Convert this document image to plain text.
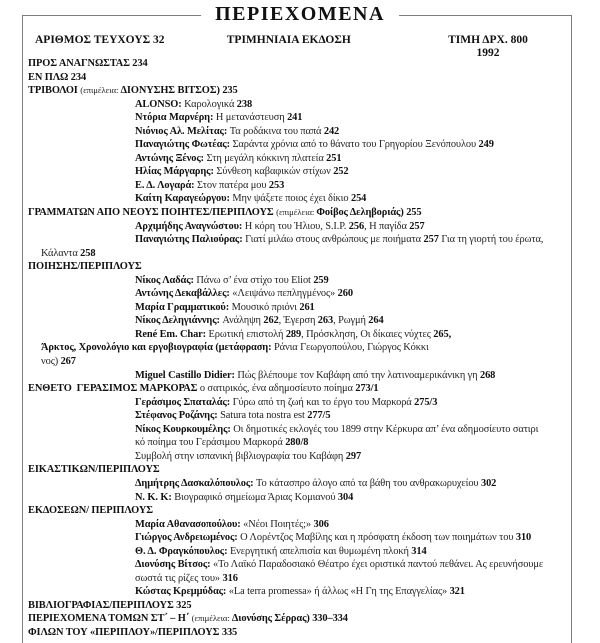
ΠΕΡΙΕΧΟΜΕΝΑ
ΑΡΙΘΜΟΣ ΤΕΥΧΟΥΣ 32	ΤΡΙΜΗΝΙΑΙΑ ΕΚΔΟΣΗ	ΤΙΜΗ ΔΡΧ. 800
1992
ΠΡΟΣ ΑΝΑΓΝΩΣΤΑΣ 234
ΕΝ ΠΛΩ 234
ΤΡΙΒΟΛΟΙ (επιμέλεια: ΔΙΟΝΥΣΗΣ ΒΙΤΣΟΣ) 235
ALONSO: Καρολογικά 238
Ντόρια Μαρνέρη: Η μετανάστευση 241
Νιόνιος Αλ. Μελίτας: Τα ροδάκινα του παπά 242
Παναγιώτης Φωτέας: Σαράντα χρόνια από το θάνατο του Γρηγορίου Ξενόπουλου 249
Αντώνης Ξένος: Στη μεγάλη κόκκινη πλατεία 251
Ηλίας Μάργαρης: Σύνθεση καβαφικών στίχων 252
Ε. Δ. Λογαρά: Στον πατέρα μου 253
Καίτη Καραγεώργου: Μην ψάξετε ποιος έχει δίκιο 254
ΓΡΑΜΜΑΤΩΝ ΑΠΟ ΝΕΟΥΣ ΠΟΙΗΤΕΣ/ΠΕΡΙΠΛΟΥΣ (επιμέλεια: Φοίβος Δεληβοριάς) 255
Αρχιμήδης Αναγνώστου: Η κόρη του Ήλιου, S.I.P. 256, Η παγίδα 257
Παναγιώτης Παλιούρας: Γιατί μιλάω στους ανθρώπους με ποιήματα 257 Για τη γιορτή του έρωτα,
Κάλαντα 258
ΠΟΙΗΣΗΣ/ΠΕΡΙΠΛΟΥΣ
Νίκος Λαδάς: Πάνω σ’ ένα στίχο του Eliot 259
Αντώνης Δεκαβάλλες: «Λειψάνω πεπληγμένος» 260
Μαρία Γραμματικού: Μουσικό πριόνι 261
Νίκος Δεληγιάννης: Ανάληψη 262, Έγερση 263, Ρωγμή 264
René Em. Char: Ερωτική επιστολή 289, Πρόσκληση, Οι δίκαιες νύχτες 265,
Άρκτος, Χρονολόγιο και εργοβιογραφία (μετάφραση: Ράνια Γεωργοπούλου, Γιώργος Κόκκι
νος) 267
Miguel Castillo Didier: Πώς βλέπουμε τον Καβάφη από την λατινοαμερικάνικη γη 268
ΕΝΘΕΤΟ  ΓΕΡΑΣΙΜΟΣ ΜΑΡΚΟΡΑΣ ο σατιρικός, ένα αδημοσίευτο ποίημα 273/1
Γεράσιμος Σπαταλάς: Γύρω από τη ζωή και το έργο του Μαρκορά 275/3
Στέφανος Ροζάνης: Satura tota nostra est 277/5
Νίκος Κουρκουμέλης: Οι δημοτικές εκλογές του 1899 στην Κέρκυρα απ’ ένα αδημοσίευτο σατιρι
κό ποίημα του Γεράσιμου Μαρκορά 280/8
Συμβολή στην ισπανική βιβλιογραφία του Καβάφη 297
ΕΙΚΑΣΤΙΚΩΝ/ΠΕΡΙΠΛΟΥΣ
Δημήτρης Δασκαλόπουλος: Το κάτασπρο άλογο από τα βάθη του ανθρακωρυχείου 302
Ν. Κ. Κ: Βιογραφικό σημείωμα Άριας Κομιανού 304
ΕΚΔΟΣΕΩΝ/ ΠΕΡΙΠΛΟΥΣ
Μαρία Αθανασοπούλου: «Νέοι Ποιητές;» 306
Γιώργος Ανδρειωμένος: Ο Λορέντζος Μαβίλης και η πρόσφατη έκδοση των ποιημάτων του 310
Θ. Δ. Φραγκόπουλος: Ενεργητική απελπισία και θυμωμένη πλοκή 314
Διονύσης Βίτσος: «Το Λαϊκό Παραδοσιακό Θέατρο έχει οριστικά παντού πεθάνει. Ας ερευνήσουμε
σωστά τις ρίζες του» 316
Κώστας Κρεμμύδας: «La terra promessa» ή άλλως «Η Γη της Επαγγελίας» 321
ΒΙΒΛΙΟΓΡΑΦΙΑΣ/ΠΕΡΙΠΛΟΥΣ 325
ΠΕΡΙΕΧΟΜΕΝΑ ΤΟΜΩΝ ΣΤ΄ – Η΄ (επιμέλεια: Διονύσης Σέρρας) 330–334
ΦΙΛΩΝ ΤΟΥ «ΠΕΡΙΠΛΟΥ»/ΠΕΡΙΠΛΟΥΣ 335
